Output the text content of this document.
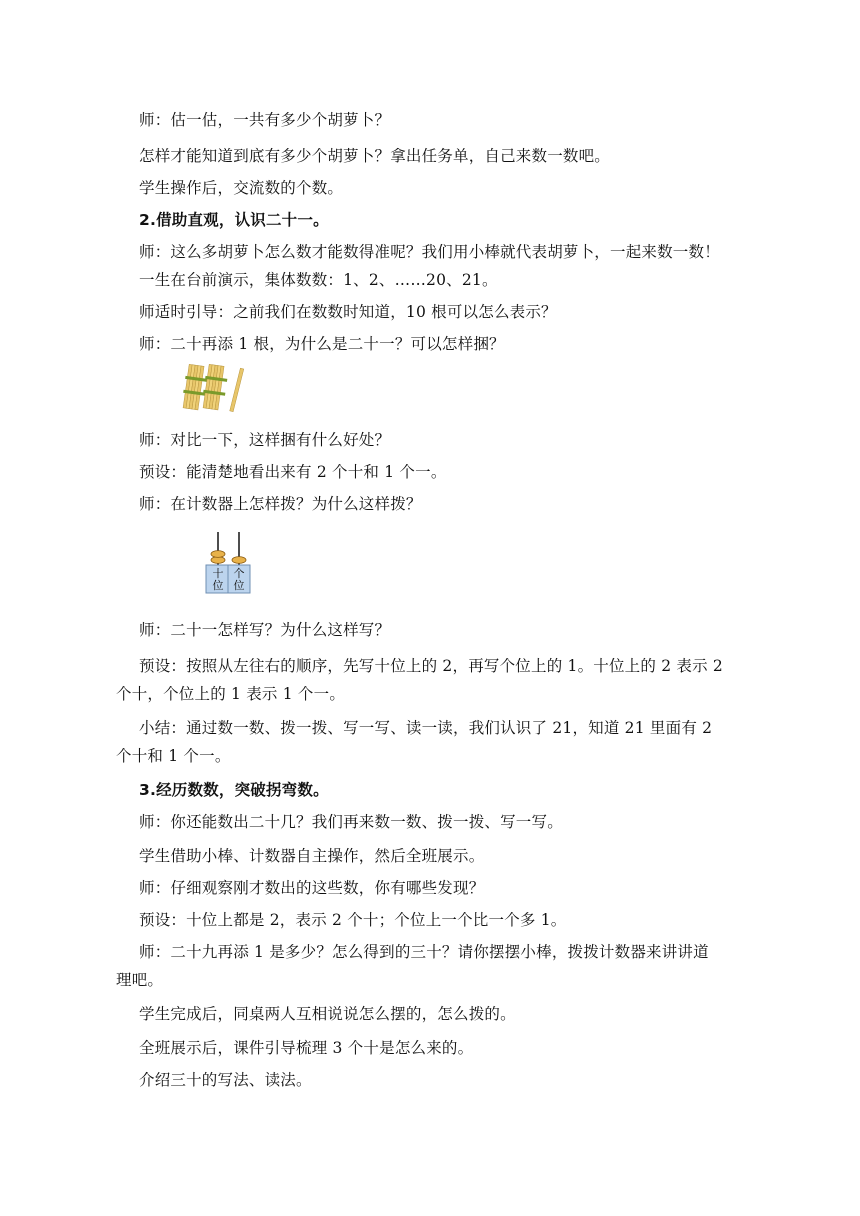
师：估一估，一共有多少个胡萝卜？
怎样才能知道到底有多少个胡萝卜？拿出任务单，自己来数一数吧。
学生操作后，交流数的个数。
2.借助直观，认识二十一。
师：这么多胡萝卜怎么数才能数得准呢？我们用小棒就代表胡萝卜，一起来数一数！
一生在台前演示，集体数数：1、2、……20、21。
师适时引导：之前我们在数数时知道，10 根可以怎么表示？
师：二十再添 1 根，为什么是二十一？可以怎样捆？
师：对比一下，这样捆有什么好处？
预设：能清楚地看出来有 2 个十和 1 个一。
师：在计数器上怎样拨？为什么这样拨？
十位
个位
师：二十一怎样写？为什么这样写？
预设：按照从左往右的顺序，先写十位上的 2，再写个位上的 1。十位上的 2 表示 2
个十，个位上的 1 表示 1 个一。
小结：通过数一数、拨一拨、写一写、读一读，我们认识了 21，知道 21 里面有 2
个十和 1 个一。
3.经历数数，突破拐弯数。
师：你还能数出二十几？我们再来数一数、拨一拨、写一写。
学生借助小棒、计数器自主操作，然后全班展示。
师：仔细观察刚才数出的这些数，你有哪些发现？
预设：十位上都是 2，表示 2 个十；个位上一个比一个多 1。
师：二十九再添 1 是多少？怎么得到的三十？请你摆摆小棒，拨拨计数器来讲讲道
理吧。
学生完成后，同桌两人互相说说怎么摆的，怎么拨的。
全班展示后，课件引导梳理 3 个十是怎么来的。
介绍三十的写法、读法。
